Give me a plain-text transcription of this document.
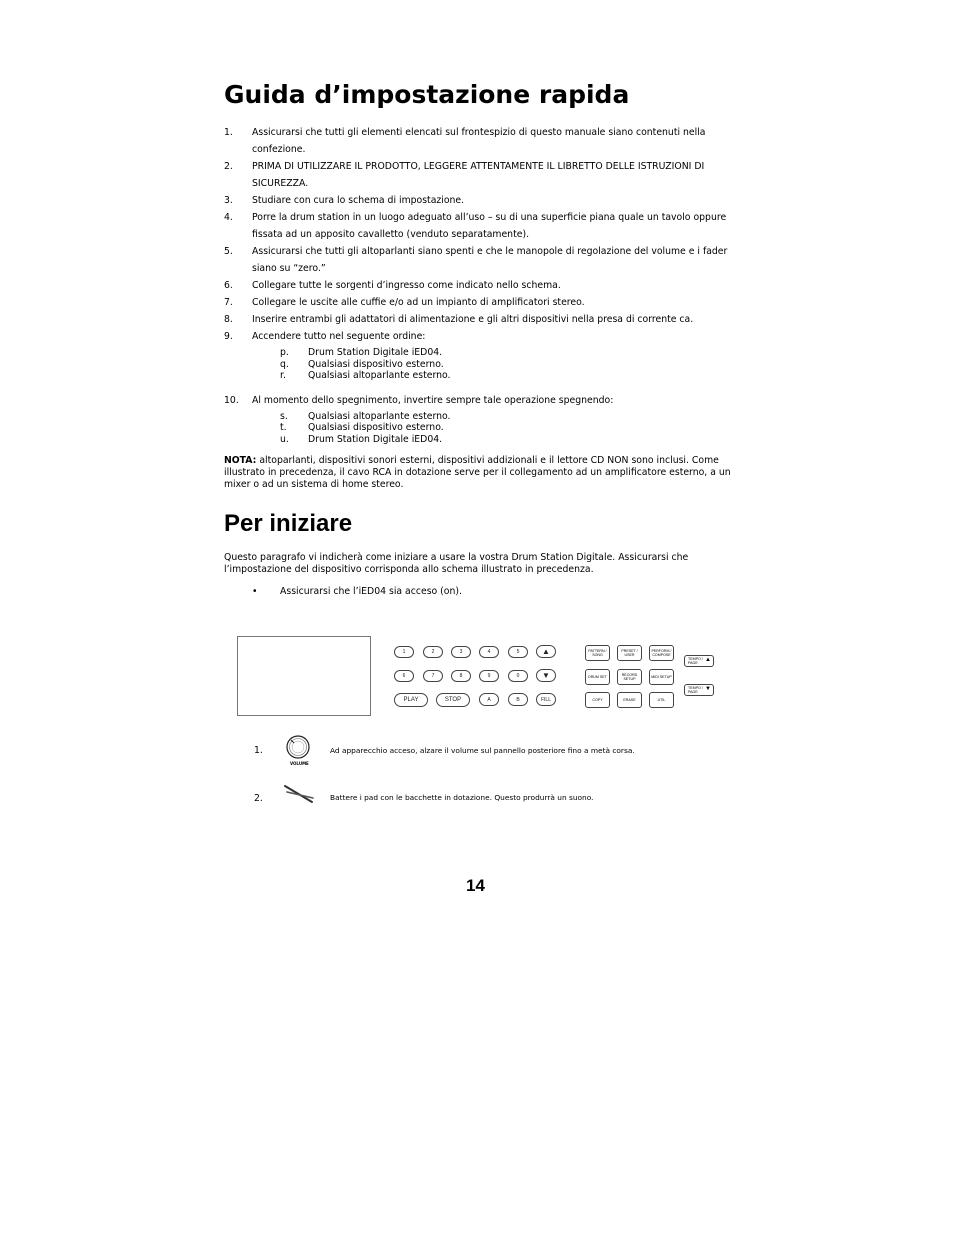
Guida d’impostazione rapida
1.	Assicurarsi che tutti gli elementi elencati sul frontespizio di questo manuale siano contenuti nella confezione.
2.	PRIMA DI UTILIZZARE IL PRODOTTO, LEGGERE ATTENTAMENTE IL LIBRETTO DELLE ISTRUZIONI DI SICUREZZA.
3.	Studiare con cura lo schema di impostazione.
4.	Porre la drum station in un luogo adeguato all’uso – su di una superficie piana quale un tavolo oppure fissata ad un apposito cavalletto (venduto separatamente).
5.	Assicurarsi che tutti gli altoparlanti siano spenti e che le manopole di regolazione del volume e i fader siano su “zero.”
6.	Collegare tutte le sorgenti d’ingresso come indicato nello schema.
7.	Collegare le uscite alle cuffie e/o ad un impianto di amplificatori stereo.
8.	Inserire entrambi gli adattatori di alimentazione e gli altri dispositivi nella presa di corrente ca.
9.	Accendere tutto nel seguente ordine:
p.	Drum Station Digitale iED04.
q.	Qualsiasi dispositivo esterno.
r.	Qualsiasi altoparlante esterno.
10.	Al momento dello spegnimento, invertire sempre tale operazione spegnendo:
s.	Qualsiasi altoparlante esterno.
t.	Qualsiasi dispositivo esterno.
u.	Drum Station Digitale iED04.

NOTA: altoparlanti, dispositivi sonori esterni, dispositivi addizionali e il lettore CD NON sono inclusi. Come illustrato in precedenza, il cavo RCA in dotazione serve per il collegamento ad un amplificatore esterno, a un mixer o ad un sistema di home stereo.

Per iniziare

Questo paragrafo vi indicherà come iniziare a usare la vostra Drum Station Digitale. Assicurarsi che l’impostazione del dispositivo corrisponda allo schema illustrato in precedenza.

•	Assicurarsi che l’iED04 sia acceso (on).
1	2	3	4	5	▲
6	7	8	9	0	▼
PLAY	STOP	A	B	FILL
PATTERN / SONG
PRESET / USER
PERFORM / COMPOSE
DRUM SET	RECORD SETUP	MIDI SETUP
COPY	ERASE	UTIL
TEMPO / PAGE	▲
TEMPO / PAGE	▼
1.
VOLUME
Ad apparecchio acceso, alzare il volume sul pannello posteriore fino a metà corsa.
2.	Battere i pad con le bacchette in dotazione. Questo produrrà un suono.
14
